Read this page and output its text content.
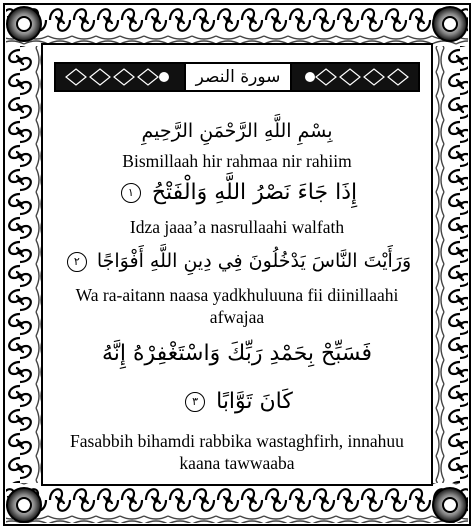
سورة النصر
بِسْمِ اللَّهِ الرَّحْمَنِ الرَّحِيمِ
Bismillaah hir rahmaa nir rahiim
إِذَا جَاءَ نَصْرُ اللَّهِ وَالْفَتْحُ ١
Idza jaaa’a nasrullaahi walfath
وَرَأَيْتَ النَّاسَ يَدْخُلُونَ فِي دِينِ اللَّهِ أَفْوَاجًا ٢
Wa ra-aitann naasa yadkhuluuna fii diinillaahi
afwajaa
فَسَبِّحْ بِحَمْدِ رَبِّكَ وَاسْتَغْفِرْهُ إِنَّهُ
كَانَ تَوَّابًا ٣
Fasabbih bihamdi rabbika wastaghfirh, innahuu
kaana tawwaaba
